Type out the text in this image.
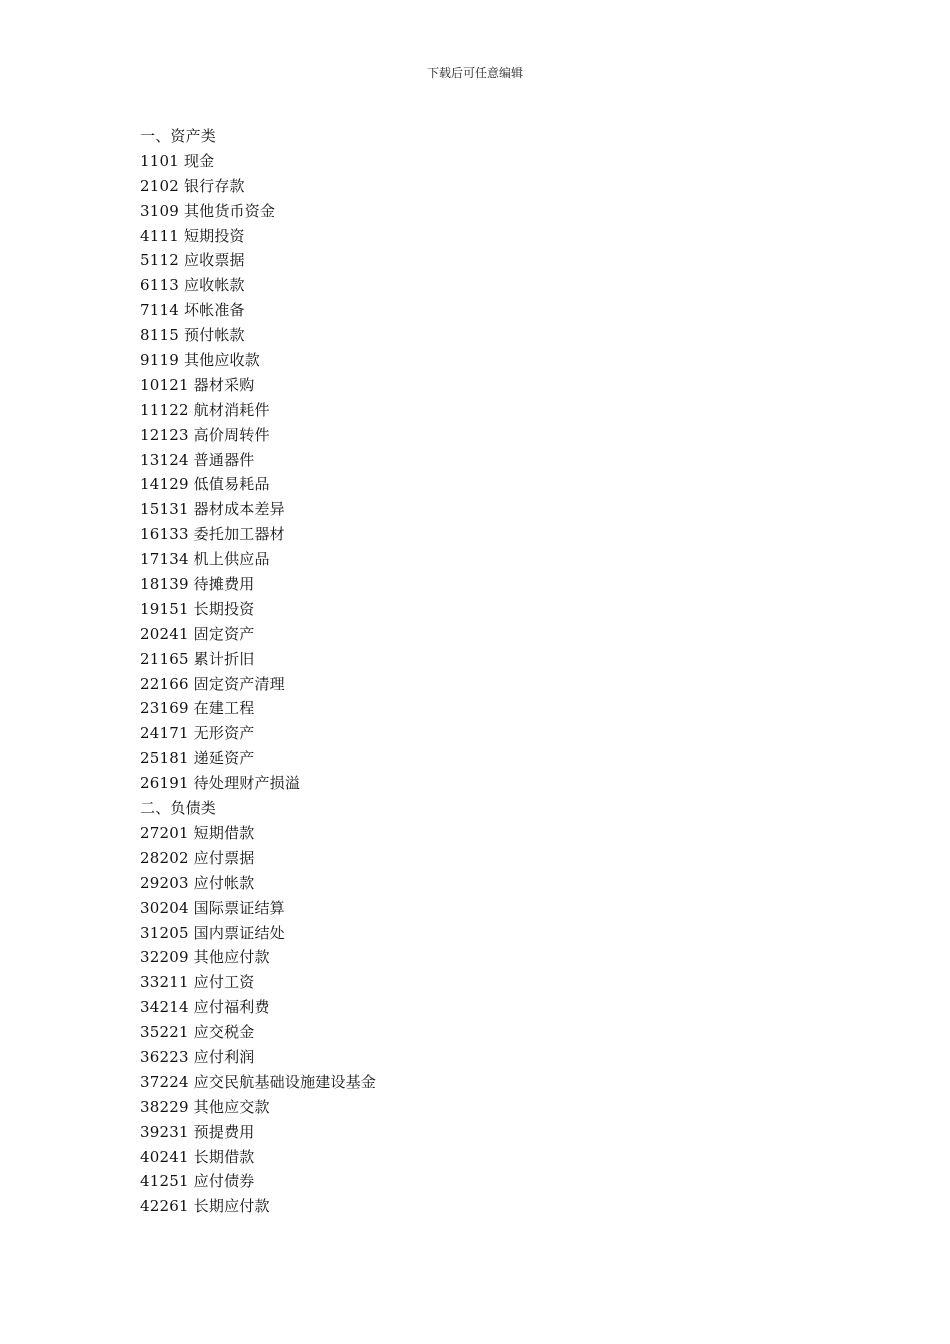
下载后可任意编辑
一、资产类
1101 现金
2102 银行存款
3109 其他货币资金
4111 短期投资
5112 应收票据
6113 应收帐款
7114 坏帐准备
8115 预付帐款
9119 其他应收款
10121 器材采购
11122 航材消耗件
12123 高价周转件
13124 普通器件
14129 低值易耗品
15131 器材成本差异
16133 委托加工器材
17134 机上供应品
18139 待摊费用
19151 长期投资
20241 固定资产
21165 累计折旧
22166 固定资产清理
23169 在建工程
24171 无形资产
25181 递延资产
26191 待处理财产损溢
二、负债类
27201 短期借款
28202 应付票据
29203 应付帐款
30204 国际票证结算
31205 国内票证结处
32209 其他应付款
33211 应付工资
34214 应付福利费
35221 应交税金
36223 应付利润
37224 应交民航基础设施建设基金
38229 其他应交款
39231 预提费用
40241 长期借款
41251 应付债券
42261 长期应付款
